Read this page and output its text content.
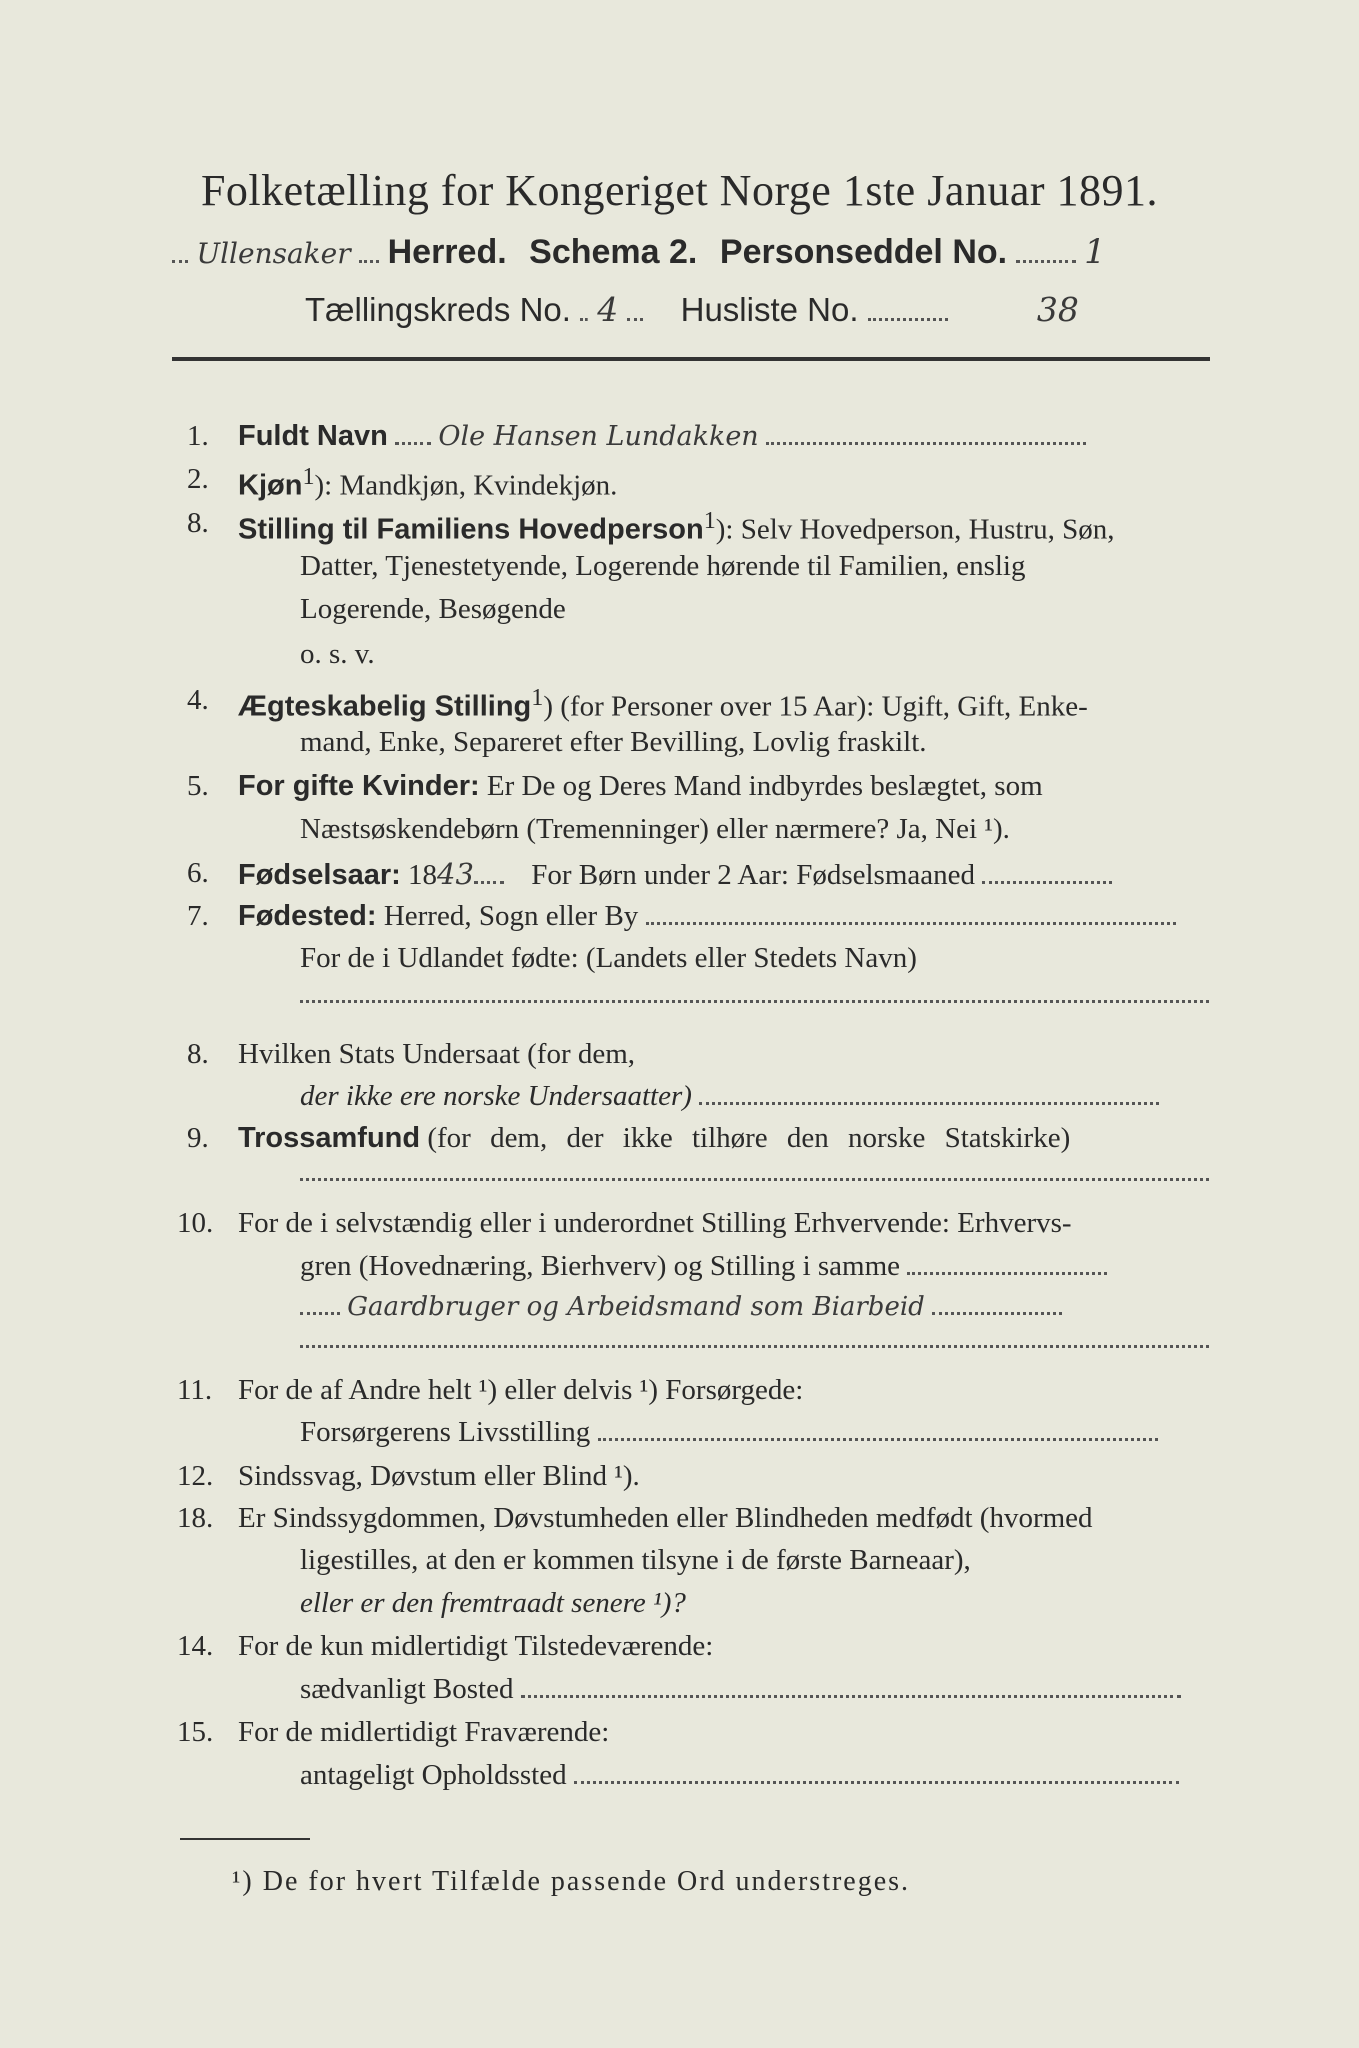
Folketælling for Kongeriget Norge 1ste Januar 1891.
Ullensaker Herred. Schema 2. Personseddel No. 1
Tællingskreds No. 4 Husliste No.	38
1. Fuldt Navn Ole Hansen Lundakken
2. Kjøn$^1$): Mandkjøn, Kvindekjøn.
8. Stilling til Familiens Hovedperson$^1$): Selv Hovedperson, Hustru, Søn,
Datter, Tjenestetyende, Logerende hørende til Familien, enslig
Logerende, Besøgende
o. s. v.
4. Ægteskabelig Stilling$^1$) (for Personer over 15 Aar): Ugift, Gift, Enke-
mand, Enke, Separeret efter Bevilling, Lovlig fraskilt.
5. For gifte Kvinder: Er De og Deres Mand indbyrdes beslægtet, som
Næstsøskendebørn (Tremenninger) eller nærmere? Ja, Nei ¹).
6. Fødselsaar: 1843 For Børn under 2 Aar: Fødselsmaaned
7. Fødested: Herred, Sogn eller By
For de i Udlandet fødte: (Landets eller Stedets Navn)
8. Hvilken Stats Undersaat (for dem,
der ikke ere norske Undersaatter)
9. Trossamfund (for dem, der ikke tilhøre den norske Statskirke)
10. For de i selvstændig eller i underordnet Stilling Erhvervende: Erhvervs-
gren (Hovednæring, Bierhverv) og Stilling i samme
Gaardbruger og Arbeidsmand som Biarbeid
11. For de af Andre helt ¹) eller delvis ¹) Forsørgede:
Forsørgerens Livsstilling
12. Sindssvag, Døvstum eller Blind ¹).
18. Er Sindssygdommen, Døvstumheden eller Blindheden medfødt (hvormed
ligestilles, at den er kommen tilsyne i de første Barneaar),
eller er den fremtraadt senere ¹)?
14. For de kun midlertidigt Tilstedeværende:
sædvanligt Bosted
15. For de midlertidigt Fraværende:
antageligt Opholdssted
¹) De for hvert Tilfælde passende Ord understreges.
